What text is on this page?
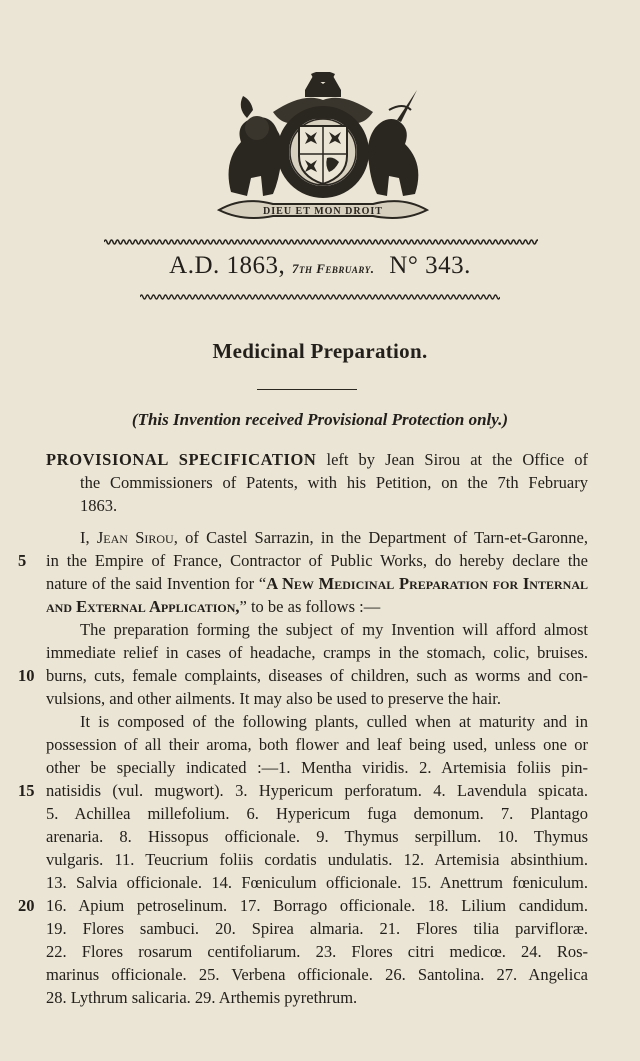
DIEU ET MON DROIT
A.D. 1863, 7th February. N° 343.
Medicinal Preparation.
(This Invention received Provisional Protection only.)
PROVISIONAL SPECIFICATION left by Jean Sirou at the Office of
the Commissioners of Patents, with his Petition, on the 7th February
1863.
I, Jean Sirou, of Castel Sarrazin, in the Department of Tarn-et-Garonne,
5	in the Empire of France, Contractor of Public Works, do hereby declare the
nature of the said Invention for “A New Medicinal Preparation for Internal
and External Application,” to be as follows :—
The preparation forming the subject of my Invention will afford almost
immediate relief in cases of headache, cramps in the stomach, colic, bruises.
10 burns, cuts, female complaints, diseases of children, such as worms and con-
vulsions, and other ailments. It may also be used to preserve the hair.
It is composed of the following plants, culled when at maturity and in
possession of all their aroma, both flower and leaf being used, unless one or
other be specially indicated :—1. Mentha viridis. 2. Artemisia foliis pin-
15 natisidis (vul. mugwort). 3. Hypericum perforatum. 4. Lavendula spicata.
5. Achillea millefolium. 6. Hypericum fuga demonum. 7. Plantago
arenaria. 8. Hissopus officionale. 9. Thymus serpillum. 10. Thymus
vulgaris. 11. Teucrium foliis cordatis undulatis. 12. Artemisia absinthium.
13. Salvia officionale. 14. Fœniculum officionale. 15. Anettrum fœniculum.
20 16. Apium petroselinum. 17. Borrago officionale. 18. Lilium candidum.
19. Flores sambuci. 20. Spirea almaria. 21. Flores tilia parvifloræ.
22. Flores rosarum centifoliarum. 23. Flores citri medicœ. 24. Ros-
marinus officionale. 25. Verbena officionale. 26. Santolina. 27. Angelica
28. Lythrum salicaria. 29. Arthemis pyrethrum.
